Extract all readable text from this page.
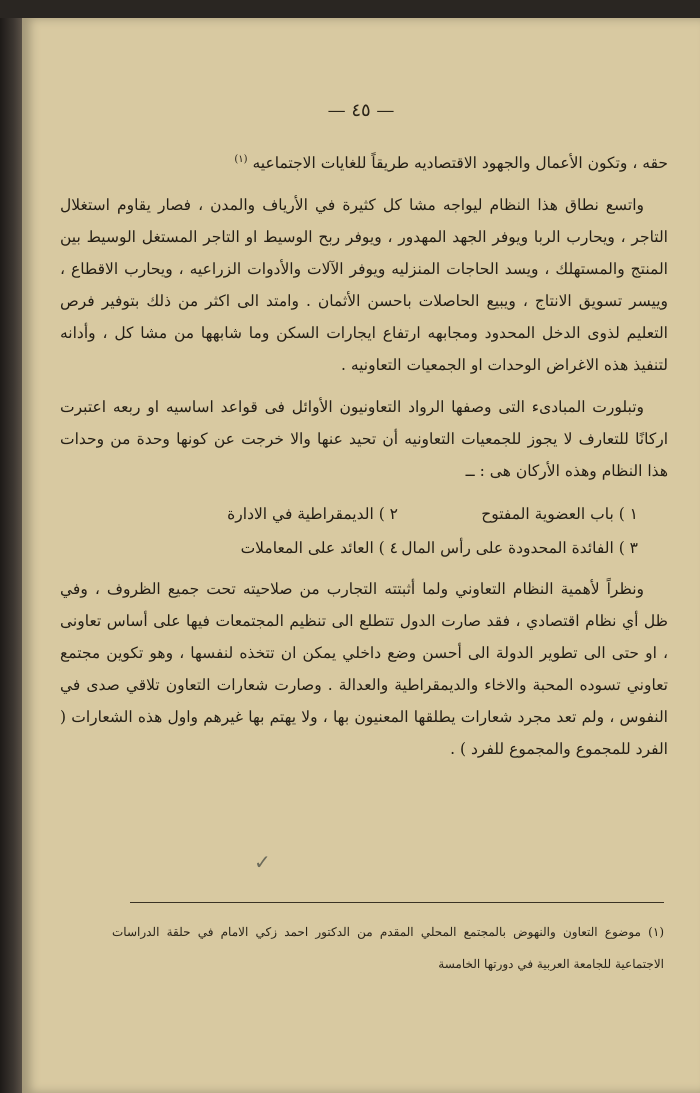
— ٤٥ —

حقه ، وتكون الأعمال والجهود الاقتصاديه طريقاً للغايات الاجتماعيه $^{(١)}$

واتسع نطاق هذا النظام ليواجه مشا كل كثيرة في الأرياف والمدن ، فصار يقاوم استغلال التاجر ، ويحارب الربا ويوفر الجهد المهدور ، ويوفر ربح الوسيط او التاجر المستغل الوسيط بين المنتج والمستهلك ، ويسد الحاجات المنزليه ويوفر الآلات والأدوات الزراعيه ، ويحارب الاقطاع ، وييسر تسويق الانتاج ، ويبيع الحاصلات باحسن الأثمان . وامتد الى اكثر من ذلك بتوفير فرص التعليم لذوى الدخل المحدود ومجابهه ارتفاع ايجارات السكن وما شابهها من مشا كل ، وأدانه لتنفيذ هذه الاغراض الوحدات او الجمعيات التعاونيه .

وتبلورت المبادىء التى وصفها الرواد التعاونيون الأوائل فى قواعد اساسيه او ربعه اعتبرت اركانًا للتعارف لا يجوز للجمعيات التعاونيه أن تحيد عنها والا خرجت عن كونها وحدة من وحدات هذا النظام وهذه الأركان هى : ــ

١ ) باب العضوية المفتوح
٢ ) الديمقراطية في الادارة
٣ ) الفائدة المحدودة على رأس المال
٤ ) العائد على المعاملات

ونظراً لأهمية النظام التعاوني ولما أثبتته التجارب من صلاحيته تحت جميع الظروف ، وفي ظل أي نظام اقتصادي ، فقد صارت الدول تتطلع الى تنظيم المجتمعات فيها على أساس تعاونى ، او حتى الى تطوير الدولة الى أحسن وضع داخلي يمكن ان تتخذه لنفسها ، وهو تكوين مجتمع تعاوني تسوده المحبة والاخاء والديمقراطية والعدالة . وصارت شعارات التعاون تلاقي صدى في النفوس ، ولم تعد مجرد شعارات يطلقها المعنيون بها ، ولا يهتم بها غيرهم واول هذه الشعارات ( الفرد للمجموع والمجموع للفرد ) .

✓
(١) موضوع التعاون والنهوض بالمجتمع المحلي المقدم من الدكتور احمد زكي الامام في حلقة الدراسات الاجتماعية للجامعة العربية في دورتها الخامسة
